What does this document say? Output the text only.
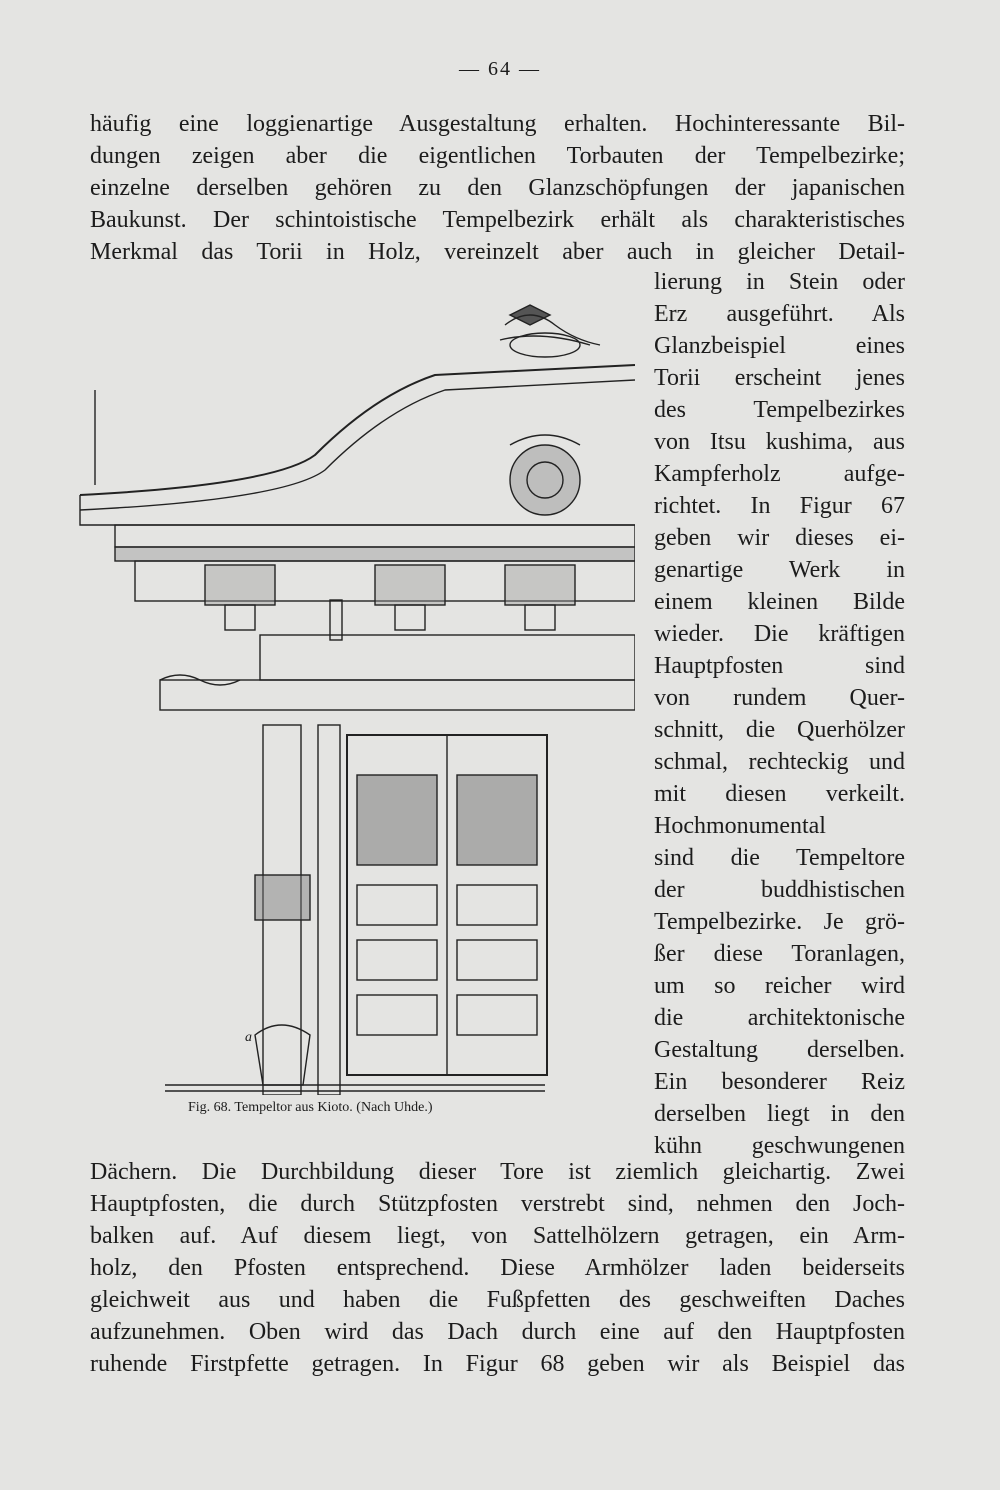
— 64 —
häufig eine loggienartige Ausgestaltung erhalten. Hochinteressante Bil-
dungen zeigen aber die eigentlichen Torbauten der Tempelbezirke;
einzelne derselben gehören zu den Glanzschöpfungen der japanischen
Baukunst. Der schintoistische Tempelbezirk erhält als charakteristisches
Merkmal das Torii in Holz, vereinzelt aber auch in gleicher Detail-
lierung in Stein oder
Erz ausgeführt. Als
Glanzbeispiel eines
Torii erscheint jenes
des Tempelbezirkes
von Itsu kushima, aus
Kampferholz aufge-
richtet. In Figur 67
geben wir dieses ei-
genartige Werk in
einem kleinen Bilde
wieder. Die kräftigen
Hauptpfosten sind
von rundem Quer-
schnitt, die Querhölzer
schmal, rechteckig und
mit diesen verkeilt.
Hochmonumental
sind die Tempeltore
der buddhistischen
Tempelbezirke. Je grö-
ßer diese Toranlagen,
um so reicher wird
die architektonische
Gestaltung derselben.
Ein besonderer Reiz
derselben liegt in den
kühn geschwungenen
Dächern. Die Durchbildung dieser Tore ist ziemlich gleichartig. Zwei
Hauptpfosten, die durch Stützpfosten verstrebt sind, nehmen den Joch-
balken auf. Auf diesem liegt, von Sattelhölzern getragen, ein Arm-
holz, den Pfosten entsprechend. Diese Armhölzer laden beiderseits
gleichweit aus und haben die Fußpfetten des geschweiften Daches
aufzunehmen. Oben wird das Dach durch eine auf den Hauptpfosten
ruhende Firstpfette getragen. In Figur 68 geben wir als Beispiel das
a
Fig. 68. Tempeltor aus Kioto. (Nach Uhde.)
